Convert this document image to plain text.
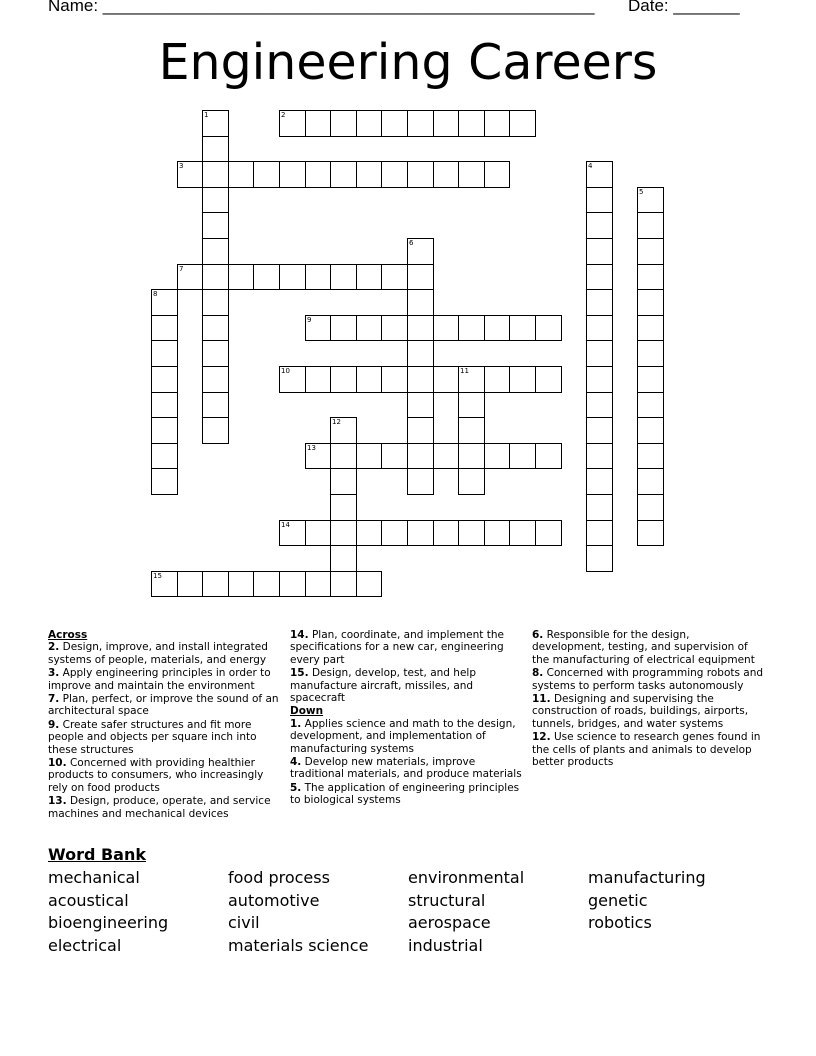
Name: ____________________________________________________ Date: _______
Engineering Careers
1	2
3	4
5
6
7
8
9
10	11
12
13
14
15
Across
2. Design, improve, and install integrated systems of people, materials, and energy
3. Apply engineering principles in order to improve and maintain the environment
7. Plan, perfect, or improve the sound of an architectural space
9. Create safer structures and fit more people and objects per square inch into these structures
10. Concerned with providing healthier products to consumers, who increasingly rely on food products
13. Design, produce, operate, and service machines and mechanical devices
14. Plan, coordinate, and implement the specifications for a new car, engineering every part
15. Design, develop, test, and help manufacture aircraft, missiles, and spacecraft
Down
1. Applies science and math to the design, development, and implementation of manufacturing systems
4. Develop new materials, improve traditional materials, and produce materials
5. The application of engineering principles to biological systems
6. Responsible for the design, development, testing, and supervision of the manufacturing of electrical equipment
8. Concerned with programming robots and systems to perform tasks autonomously
11. Designing and supervising the construction of roads, buildings, airports, tunnels, bridges, and water systems
12. Use science to research genes found in the cells of plants and animals to develop better products
Word Bank
mechanical	food process	environmental	manufacturing
acoustical	automotive	structural	genetic
bioengineering	civil	aerospace	robotics
electrical	materials science	industrial
